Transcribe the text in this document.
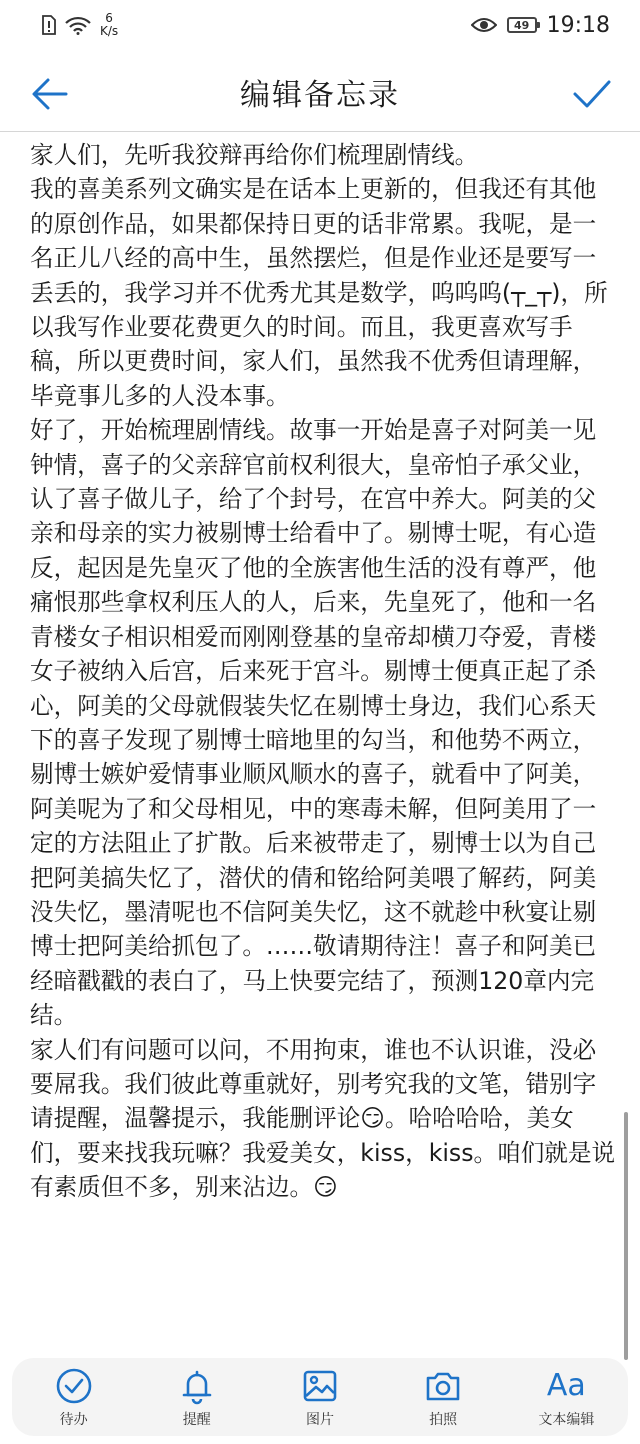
6
K/s	49 19:18
编辑备忘录

家人们，先听我狡辩再给你们梳理剧情线。

我的喜美系列文确实是在话本上更新的，但我还有其他的原创作品，如果都保持日更的话非常累。我呢，是一名正儿八经的高中生，虽然摆烂，但是作业还是要写一丢丢的，我学习并不优秀尤其是数学，呜呜呜(┬_┬)，所以我写作业要花费更久的时间。而且，我更喜欢写手稿，所以更费时间，家人们，虽然我不优秀但请理解，毕竟事儿多的人没本事。

好了，开始梳理剧情线。故事一开始是喜子对阿美一见钟情，喜子的父亲辞官前权利很大，皇帝怕子承父业，认了喜子做儿子，给了个封号，在宫中养大。阿美的父亲和母亲的实力被剔博士给看中了。剔博士呢，有心造反，起因是先皇灭了他的全族害他生活的没有尊严，他痛恨那些拿权利压人的人，后来，先皇死了，他和一名青楼女子相识相爱而刚刚登基的皇帝却横刀夺爱，青楼女子被纳入后宫，后来死于宫斗。剔博士便真正起了杀心，阿美的父母就假装失忆在剔博士身边，我们心系天下的喜子发现了剔博士暗地里的勾当，和他势不两立，剔博士嫉妒爱情事业顺风顺水的喜子，就看中了阿美，阿美呢为了和父母相见，中的寒毒未解，但阿美用了一定的方法阻止了扩散。后来被带走了，剔博士以为自己把阿美搞失忆了，潜伏的倩和铭给阿美喂了解药，阿美没失忆，墨清呢也不信阿美失忆，这不就趁中秋宴让剔博士把阿美给抓包了。……敬请期待注！喜子和阿美已经暗戳戳的表白了，马上快要完结了，预测120章内完结。

家人们有问题可以问，不用拘束，谁也不认识谁，没必要屌我。我们彼此尊重就好，别考究我的文笔，错别字请提醒，温馨提示，我能删评论😏。哈哈哈哈，美女们，要来找我玩嘛？我爱美女，kiss，kiss。咱们就是说有素质但不多，别来沾边。😏

待办	提醒	图片	拍照
Aa
文本编辑
